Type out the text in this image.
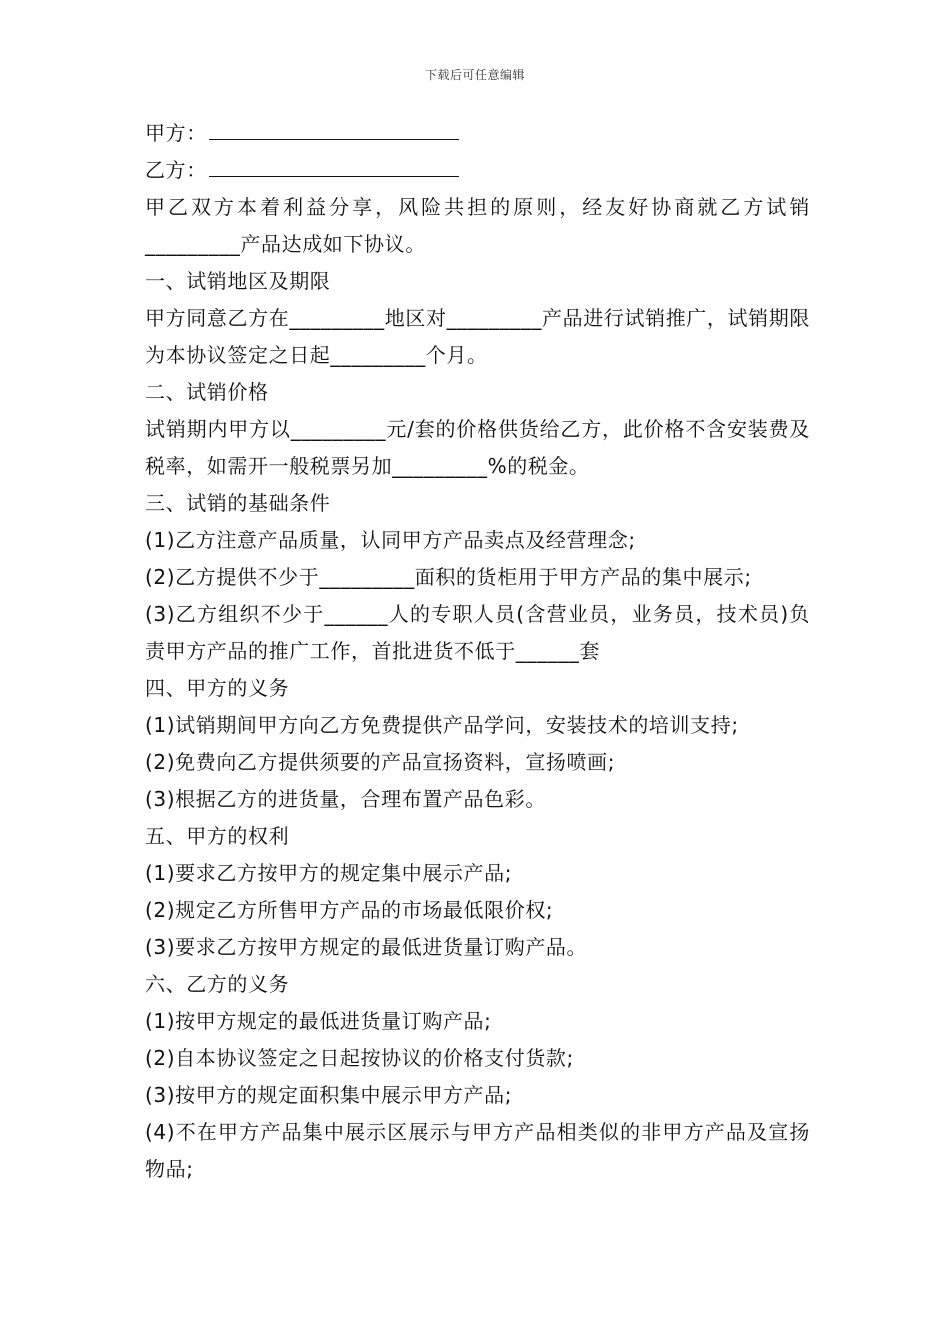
下载后可任意编辑

甲方：

乙方：

甲乙双方本着利益分享，风险共担的原则，经友好协商就乙方试销_________产品达成如下协议。

一、试销地区及期限

甲方同意乙方在_________地区对_________产品进行试销推广，试销期限为本协议签定之日起_________个月。

二、试销价格

试销期内甲方以_________元/套的价格供货给乙方，此价格不含安装费及税率，如需开一般税票另加_________%的税金。

三、试销的基础条件

(1)乙方注意产品质量，认同甲方产品卖点及经营理念;

(2)乙方提供不少于_________面积的货柜用于甲方产品的集中展示;

(3)乙方组织不少于______人的专职人员(含营业员，业务员，技术员)负责甲方产品的推广工作，首批进货不低于______套

四、甲方的义务

(1)试销期间甲方向乙方免费提供产品学问，安装技术的培训支持;

(2)免费向乙方提供须要的产品宣扬资料，宣扬喷画;

(3)根据乙方的进货量，合理布置产品色彩。

五、甲方的权利

(1)要求乙方按甲方的规定集中展示产品;

(2)规定乙方所售甲方产品的市场最低限价权;

(3)要求乙方按甲方规定的最低进货量订购产品。

六、乙方的义务

(1)按甲方规定的最低进货量订购产品;

(2)自本协议签定之日起按协议的价格支付货款;

(3)按甲方的规定面积集中展示甲方产品;

(4)不在甲方产品集中展示区展示与甲方产品相类似的非甲方产品及宣扬物品;
